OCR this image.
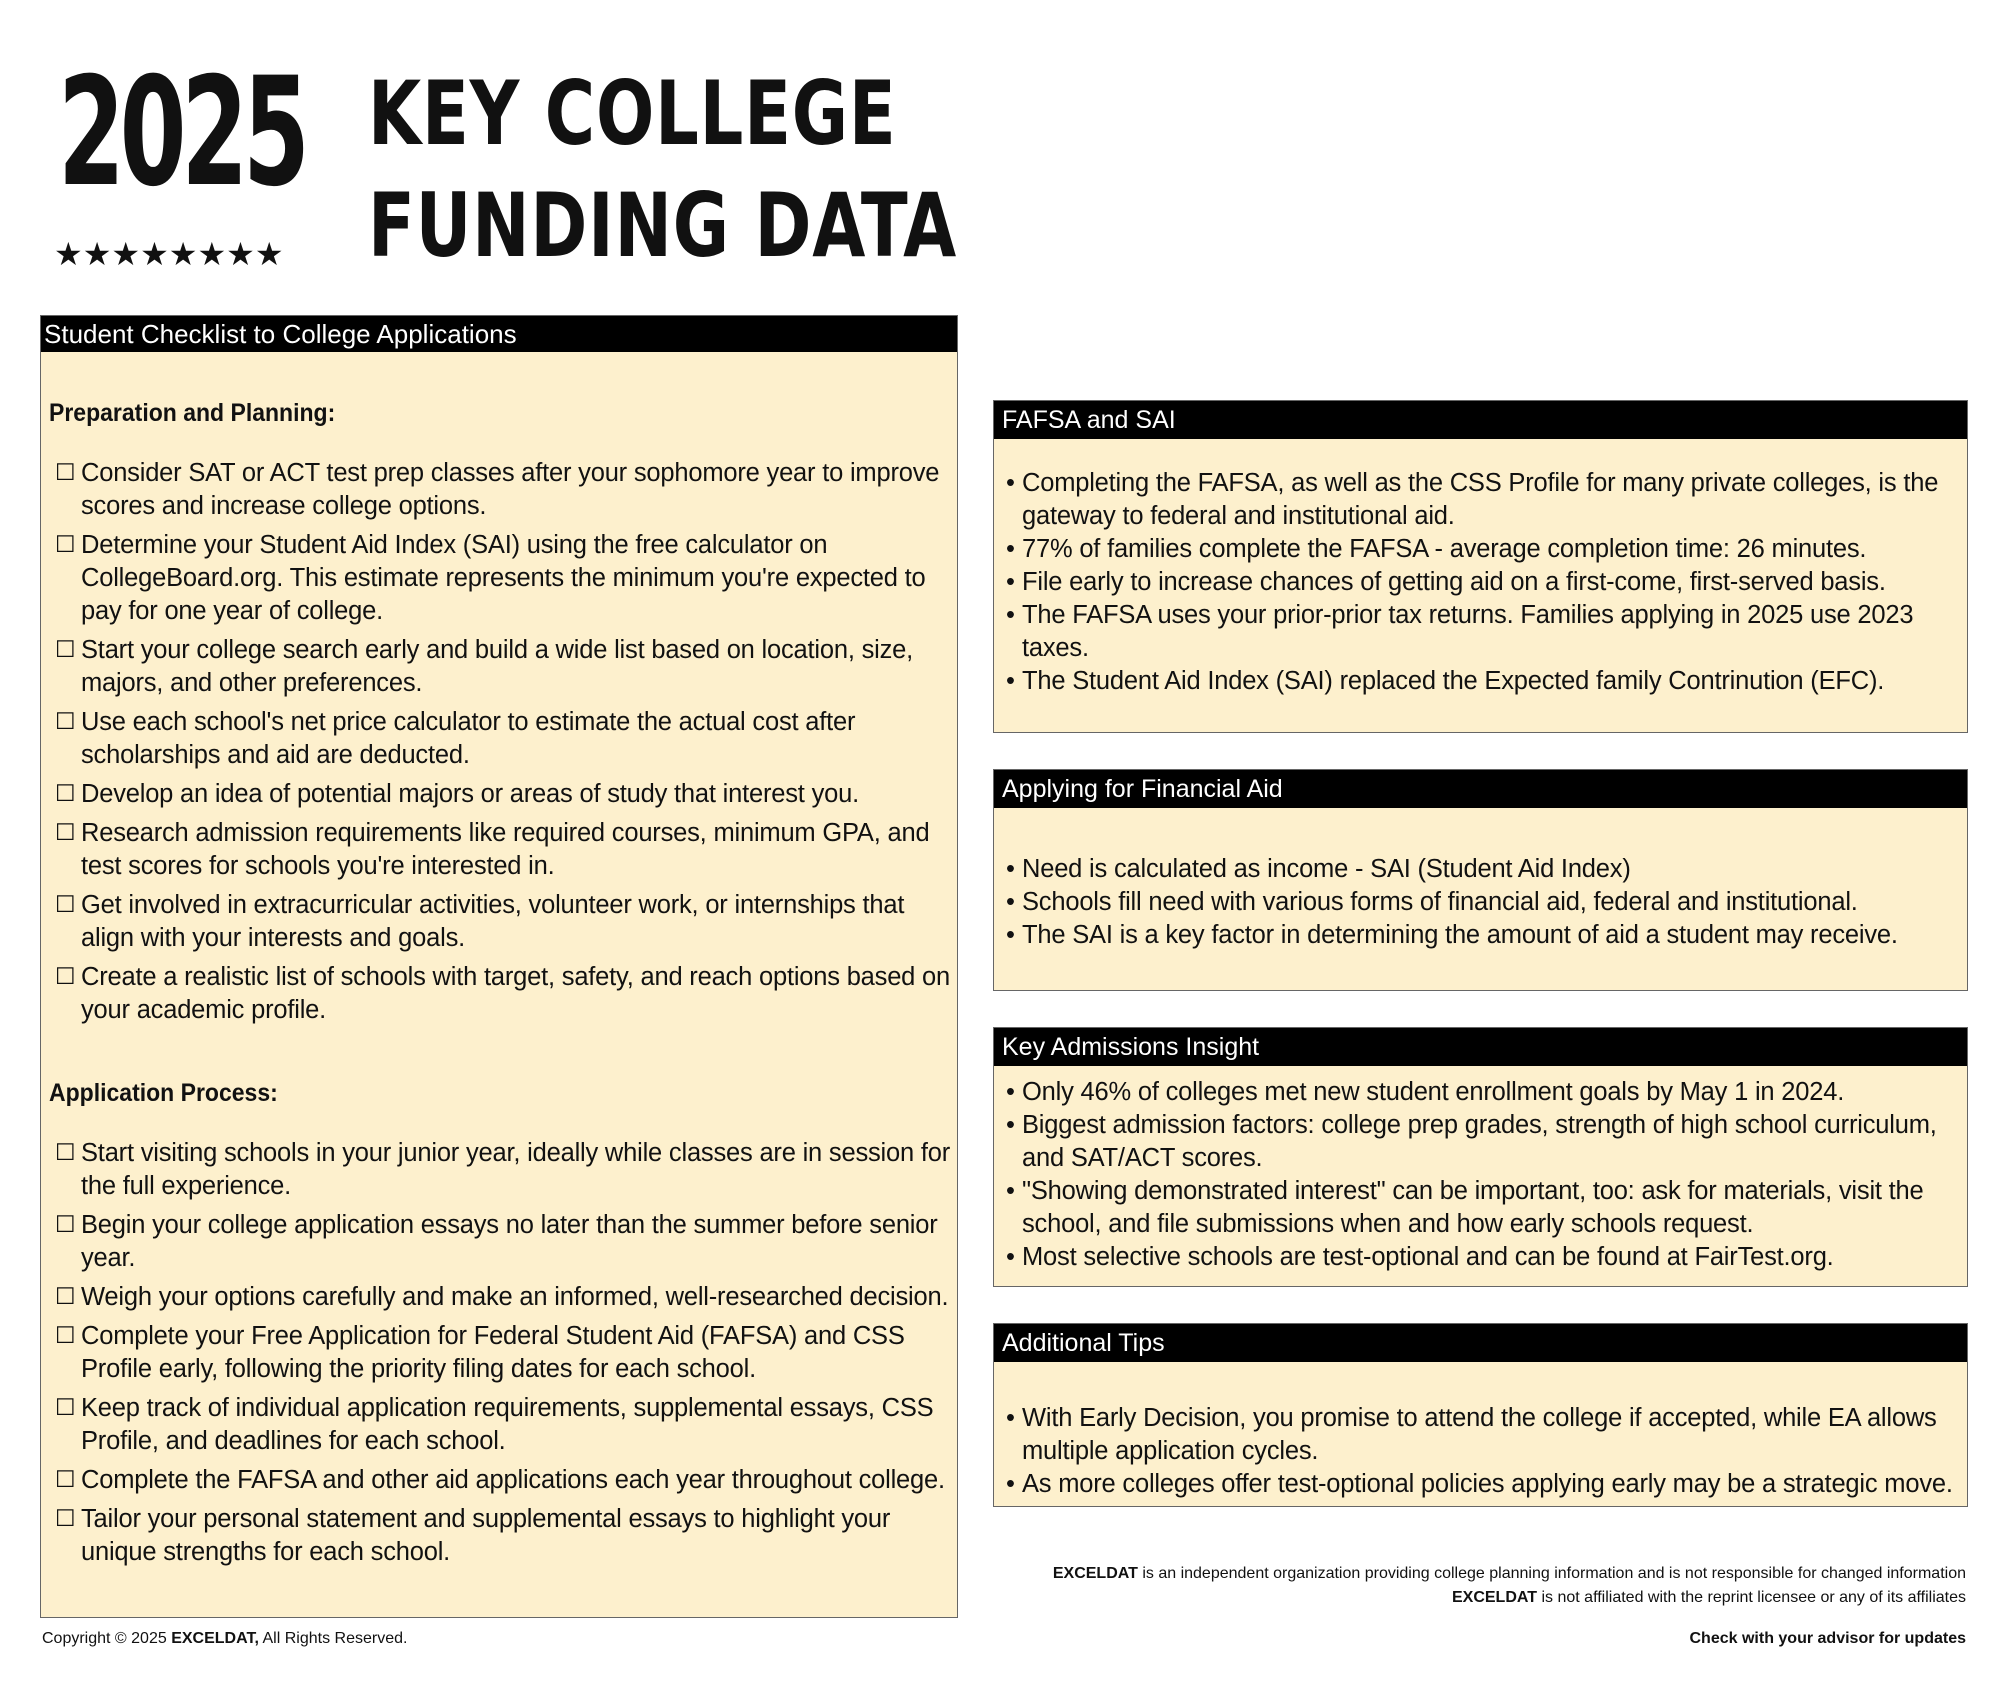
2025 KEY COLLEGE
FUNDING DATA
★★★★★★★★
Student Checklist to College Applications
Preparation and Planning:
☐ Consider SAT or ACT test prep classes after your sophomore year to improve scores and increase college options.
☐ Determine your Student Aid Index (SAI) using the free calculator on CollegeBoard.org. This estimate represents the minimum you're expected to pay for one year of college.
☐ Start your college search early and build a wide list based on location, size, majors, and other preferences.
☐ Use each school's net price calculator to estimate the actual cost after scholarships and aid are deducted.
☐ Develop an idea of potential majors or areas of study that interest you.
☐ Research admission requirements like required courses, minimum GPA, and test scores for schools you're interested in.
☐ Get involved in extracurricular activities, volunteer work, or internships that align with your interests and goals.
☐ Create a realistic list of schools with target, safety, and reach options based on your academic profile.
Application Process:
☐ Start visiting schools in your junior year, ideally while classes are in session for the full experience.
☐ Begin your college application essays no later than the summer before senior year.
☐ Weigh your options carefully and make an informed, well-researched decision.
☐ Complete your Free Application for Federal Student Aid (FAFSA) and CSS Profile early, following the priority filing dates for each school.
☐ Keep track of individual application requirements, supplemental essays, CSS Profile, and deadlines for each school.
☐ Complete the FAFSA and other aid applications each year throughout college.
☐ Tailor your personal statement and supplemental essays to highlight your unique strengths for each school.
FAFSA and SAI
• Completing the FAFSA, as well as the CSS Profile for many private colleges, is the gateway to federal and institutional aid.
• 77% of families complete the FAFSA - average completion time: 26 minutes.
• File early to increase chances of getting aid on a first-come, first-served basis.
• The FAFSA uses your prior-prior tax returns. Families applying in 2025 use 2023 taxes.
• The Student Aid Index (SAI) replaced the Expected family Contrinution (EFC).
Applying for Financial Aid
• Need is calculated as income - SAI (Student Aid Index)
• Schools fill need with various forms of financial aid, federal and institutional.
• The SAI is a key factor in determining the amount of aid a student may receive.
Key Admissions Insight
• Only 46% of colleges met new student enrollment goals by May 1 in 2024.
• Biggest admission factors: college prep grades, strength of high school curriculum, and SAT/ACT scores.
• "Showing demonstrated interest" can be important, too: ask for materials, visit the school, and file submissions when and how early schools request.
• Most selective schools are test-optional and can be found at FairTest.org.
Additional Tips
• With Early Decision, you promise to attend the college if accepted, while EA allows multiple application cycles.
• As more colleges offer test-optional policies applying early may be a strategic move.
EXCELDAT is an independent organization providing college planning information and is not responsible for changed information
EXCELDAT is not affiliated with the reprint licensee or any of its affiliates
Check with your advisor for updates
Copyright © 2025 EXCELDAT, All Rights Reserved.
